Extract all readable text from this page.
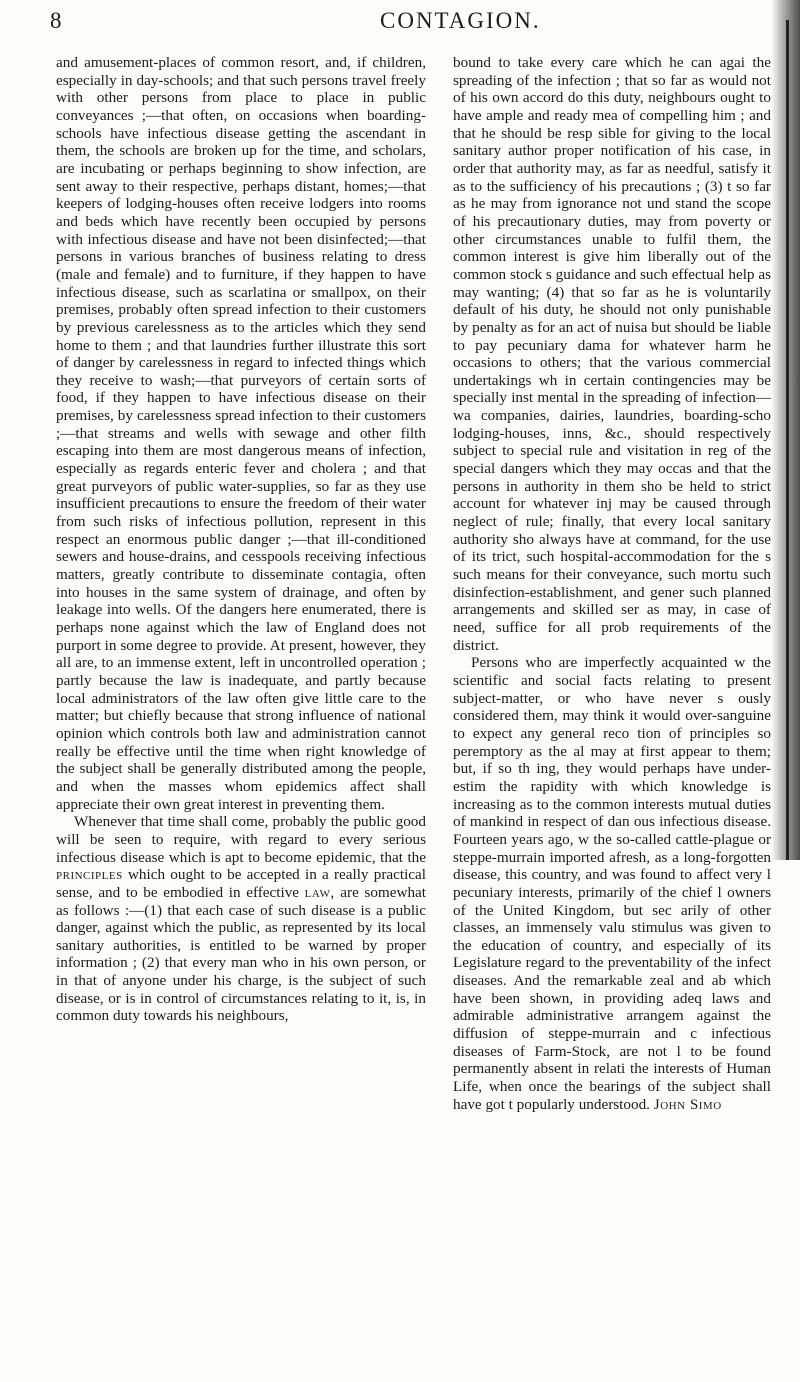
8	CONTAGION.

and amusement-places of common resort, and, if children, especially in day-schools; and that such persons travel freely with other persons from place to place in public conveyances ;—that often, on occasions when boarding-schools have infectious disease getting the ascendant in them, the schools are broken up for the time, and scholars, are incubating or perhaps beginning to show infection, are sent away to their respective, perhaps distant, homes;—that keepers of lodging-houses often receive lodgers into rooms and beds which have recently been occupied by persons with infectious disease and have not been disinfected;—that persons in various branches of business relating to dress (male and female) and to furniture, if they happen to have infectious disease, such as scarlatina or smallpox, on their premises, probably often spread infection to their customers by previous carelessness as to the articles which they send home to them ; and that laundries further illustrate this sort of danger by carelessness in regard to infected things which they receive to wash;—that purveyors of certain sorts of food, if they happen to have infectious disease on their premises, by carelessness spread infection to their customers ;—that streams and wells with sewage and other filth escaping into them are most dangerous means of infection, especially as regards enteric fever and cholera ; and that great purveyors of public water-supplies, so far as they use insufficient precautions to ensure the freedom of their water from such risks of infectious pollution, represent in this respect an enormous public danger ;—that ill-conditioned sewers and house-drains, and cesspools receiving infectious matters, greatly contribute to disseminate contagia, often into houses in the same system of drainage, and often by leakage into wells. Of the dangers here enumerated, there is perhaps none against which the law of England does not purport in some degree to provide. At present, however, they all are, to an immense extent, left in uncontrolled operation ; partly because the law is inadequate, and partly because local administrators of the law often give little care to the matter; but chiefly because that strong influence of national opinion which controls both law and administration cannot really be effective until the time when right knowledge of the subject shall be generally distributed among the people, and when the masses whom epidemics affect shall appreciate their own great interest in preventing them.

Whenever that time shall come, probably the public good will be seen to require, with regard to every serious infectious disease which is apt to become epidemic, that the principles which ought to be accepted in a really practical sense, and to be embodied in effective law, are somewhat as follows :—(1) that each case of such disease is a public danger, against which the public, as represented by its local sanitary authorities, is entitled to be warned by proper information ; (2) that every man who in his own person, or in that of anyone under his charge, is the subject of such disease, or is in control of circumstances relating to it, is, in common duty towards his neighbours,

bound to take every care which he can agai the spreading of the infection ; that so far as would not of his own accord do this duty, neighbours ought to have ample and ready mea of compelling him ; and that he should be resp sible for giving to the local sanitary author proper notification of his case, in order that authority may, as far as needful, satisfy it as to the sufficiency of his precautions ; (3) t so far as he may from ignorance not und stand the scope of his precautionary duties, may from poverty or other circumstances unable to fulfil them, the common interest is give him liberally out of the common stock s guidance and such effectual help as may wanting; (4) that so far as he is voluntarily default of his duty, he should not only punishable by penalty as for an act of nuisa but should be liable to pay pecuniary dama for whatever harm he occasions to others; that the various commercial undertakings wh in certain contingencies may be specially inst mental in the spreading of infection—wa companies, dairies, laundries, boarding-scho lodging-houses, inns, &c., should respectively subject to special rule and visitation in reg of the special dangers which they may occas and that the persons in authority in them sho be held to strict account for whatever inj may be caused through neglect of rule; finally, that every local sanitary authority sho always have at command, for the use of its trict, such hospital-accommodation for the s such means for their conveyance, such mortu such disinfection-establishment, and gener such planned arrangements and skilled ser as may, in case of need, suffice for all prob requirements of the district.

Persons who are imperfectly acquainted w the scientific and social facts relating to present subject-matter, or who have never s ously considered them, may think it would over-sanguine to expect any general reco tion of principles so peremptory as the al may at first appear to them; but, if so th ing, they would perhaps have under-estim the rapidity with which knowledge is increasing as to the common interests mutual duties of mankind in respect of dan ous infectious disease. Fourteen years ago, w the so-called cattle-plague or steppe-murrain imported afresh, as a long-forgotten disease, this country, and was found to affect very l pecuniary interests, primarily of the chief l owners of the United Kingdom, but sec arily of other classes, an immensely valu stimulus was given to the education of country, and especially of its Legislature regard to the preventability of the infect diseases. And the remarkable zeal and ab which have been shown, in providing adeq laws and admirable administrative arrangem against the diffusion of steppe-murrain and c infectious diseases of Farm-Stock, are not l to be found permanently absent in relati the interests of Human Life, when once the bearings of the subject shall have got t popularly understood. John Simo
